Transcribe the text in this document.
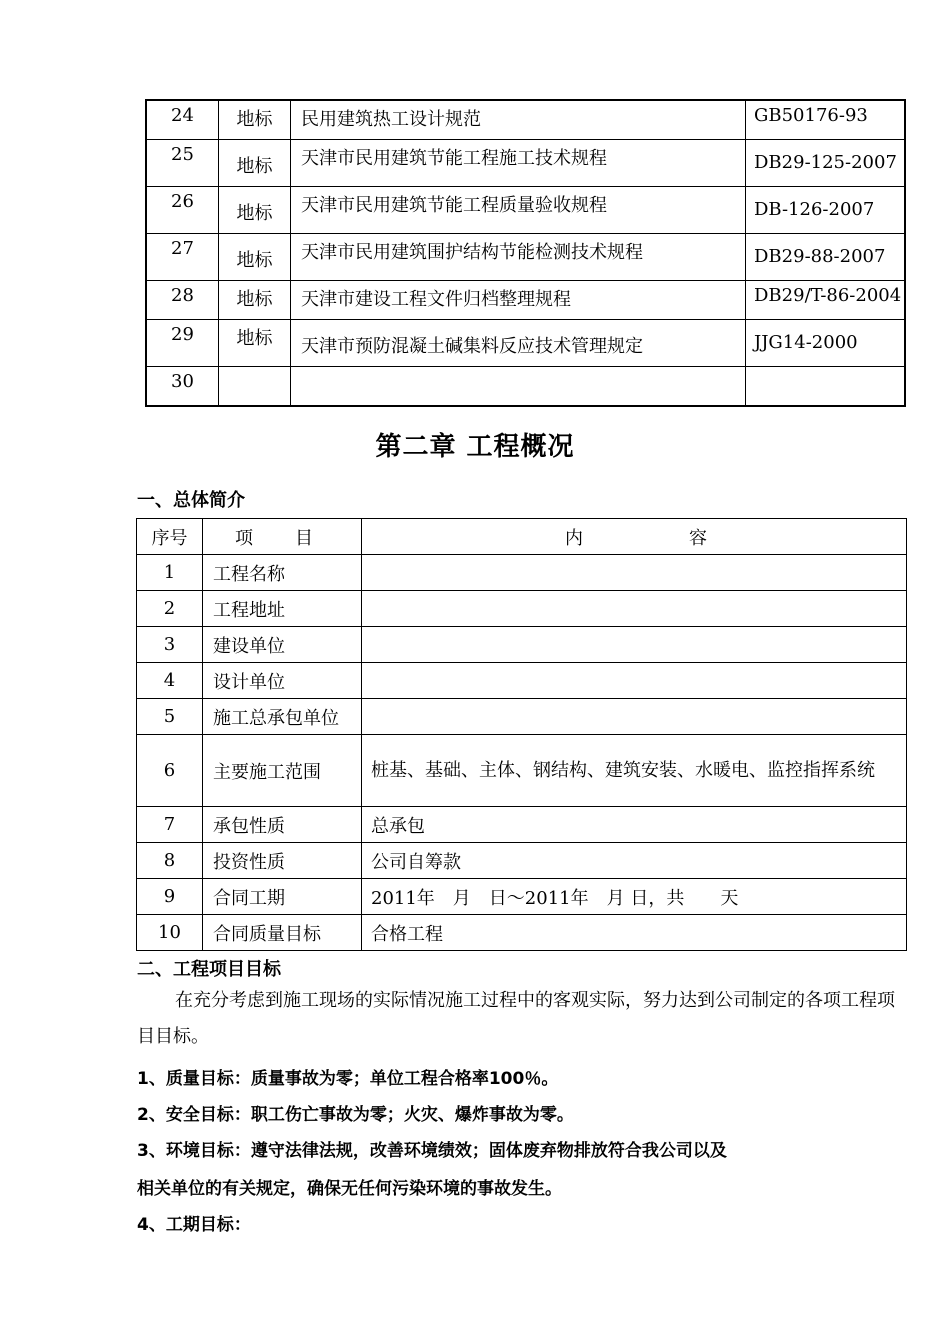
24	地标	民用建筑热工设计规范	GB50176-93
25	地标	天津市民用建筑节能工程施工技术规程	DB29-125-2007
26	地标	天津市民用建筑节能工程质量验收规程	DB-126-2007
27	地标	天津市民用建筑围护结构节能检测技术规程	DB29-88-2007
28	地标	天津市建设工程文件归档整理规程	DB29/T-86-2004
29	地标	天津市预防混凝土碱集料反应技术管理规定	JJG14-2000
30			
第二章 工程概况
一、总体简介
序号	项 目	内 容

1	工程名称	
2	工程地址	
3	建设单位	
4	设计单位	
5	施工总承包单位	
6	主要施工范围	桩基、基础、主体、钢结构、建筑安装、水暖电、监控指挥系统
7	承包性质	总承包
8	投资性质	公司自筹款
9	合同工期	2011年　月　日～2011年　月 日，共　　天
10	合同质量目标	合格工程
二、工程项目目标
在充分考虑到施工现场的实际情况施工过程中的客观实际，努力达到公司制定的各项工程项目目标。
1、质量目标：质量事故为零；单位工程合格率100％。
2、安全目标：职工伤亡事故为零；火灾、爆炸事故为零。
3、环境目标：遵守法律法规，改善环境绩效；固体废弃物排放符合我公司以及
相关单位的有关规定，确保无任何污染环境的事故发生。
4、工期目标：
